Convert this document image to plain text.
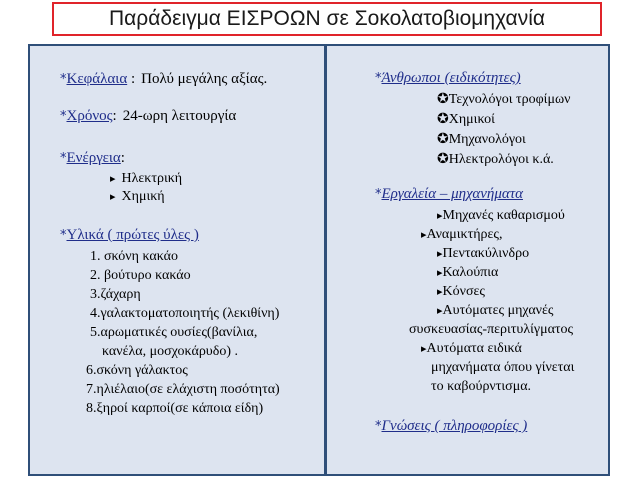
Παράδειγμα ΕΙΣΡΟΩΝ σε Σοκολατοβιομηχανία
*Κεφάλαια : Πολύ μεγάλης αξίας.
*Χρόνος: 24-ωρη λειτουργία
*Ενέργεια:
▸ Ηλεκτρική
▸ Χημική
*Υλικά ( πρώτες ύλες )
1. σκόνη κακάο
2. βούτυρο κακάο
3.ζάχαρη
4.γαλακτοματοποιητής (λεκιθίνη)
5.αρωματικές ουσίες(βανίλια,
κανέλα, μοσχοκάρυδο) .
6.σκόνη γάλακτος
7.ηλιέλαιο(σε ελάχιστη ποσότητα)
8.ξηροί καρποί(σε κάποια είδη)
*Άνθρωποι (ειδικότητες)
✪Τεχνολόγοι τροφίμων
✪Χημικοί
✪Μηχανολόγοι
✪Ηλεκτρολόγοι κ.ά.
*Εργαλεία – μηχανήματα
▸Μηχανές καθαρισμού
▸Αναμικτήρες,
▸Πεντακύλινδρο
▸Καλούπια
▸Κόνσες
▸Αυτόματες μηχανές
συσκευασίας-περιτυλίγματος
▸Αυτόματα ειδικά
μηχανήματα όπου γίνεται
το καβούρντισμα.
*Γνώσεις ( πληροφορίες )
